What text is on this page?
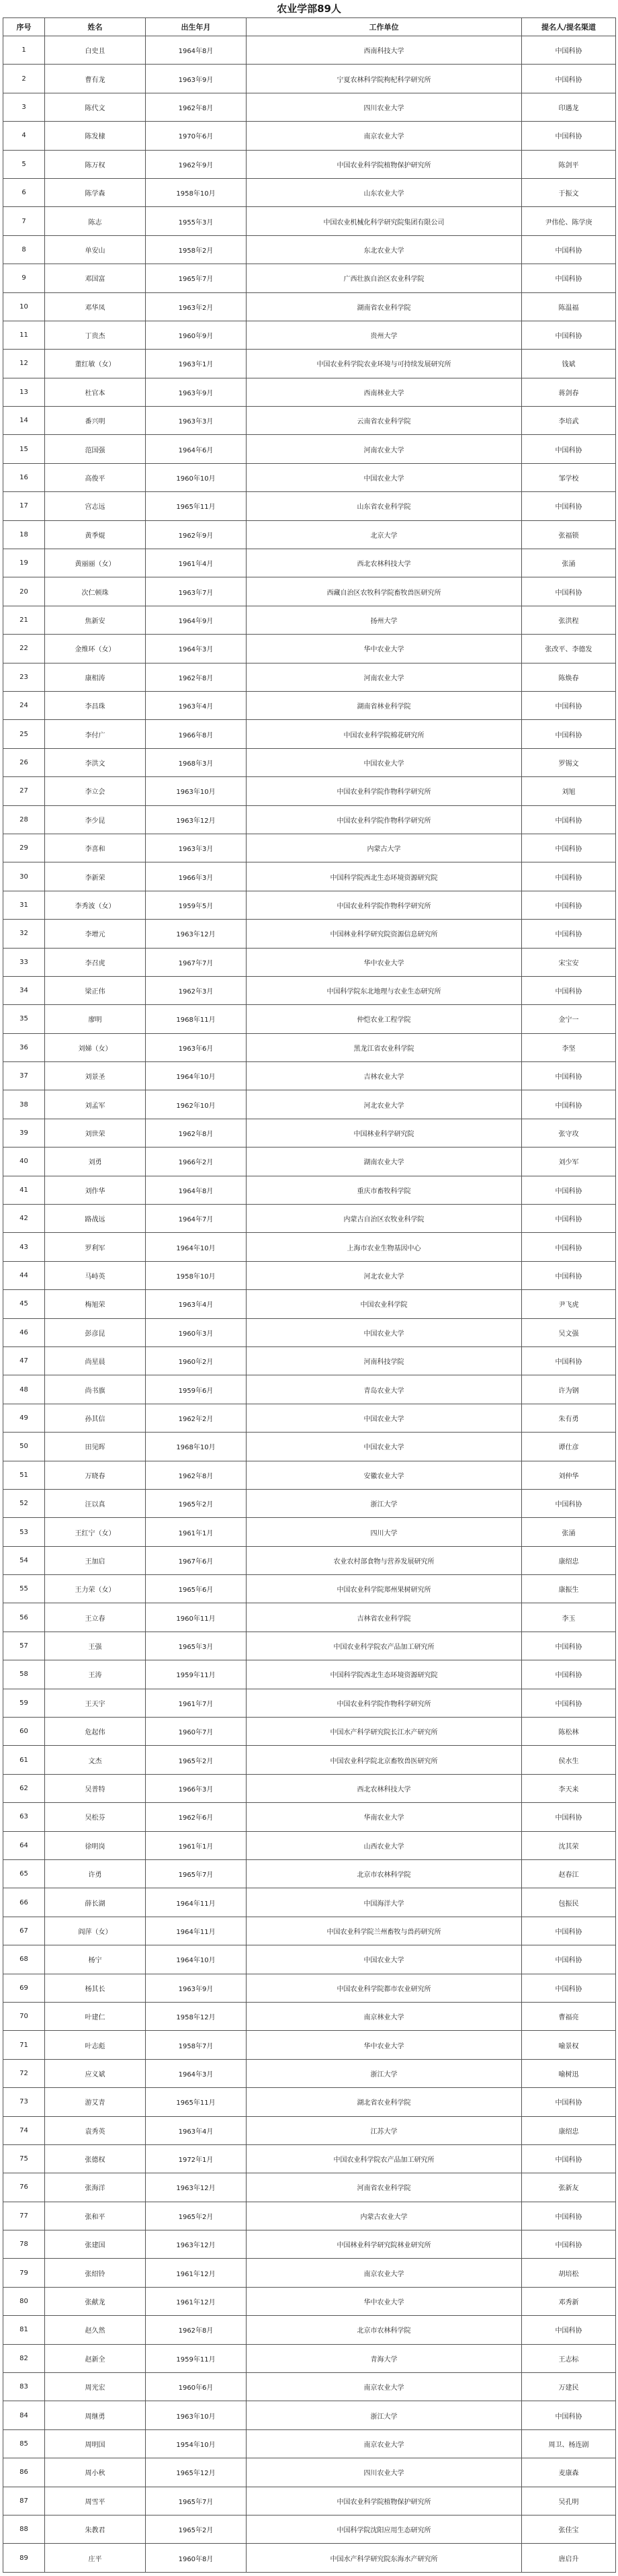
农业学部89人
序号	姓名	出生年月	工作单位	提名人/提名渠道
1	白史且	1964年8月	西南科技大学	中国科协
2	曹有龙	1963年9月	宁夏农林科学院枸杞科学研究所	中国科协
3	陈代文	1962年8月	四川农业大学	印遇龙
4	陈发棣	1970年6月	南京农业大学	中国科协
5	陈万权	1962年9月	中国农业科学院植物保护研究所	陈剑平
6	陈学森	1958年10月	山东农业大学	于振文
7	陈志	1955年3月	中国农业机械化科学研究院集团有限公司	尹伟伦、陈学庚
8	单安山	1958年2月	东北农业大学	中国科协
9	邓国富	1965年7月	广西壮族自治区农业科学院	中国科协
10	邓华凤	1963年2月	湖南省农业科学院	陈温福
11	丁贵杰	1960年9月	贵州大学	中国科协
12	董红敏（女）	1963年1月	中国农业科学院农业环境与可持续发展研究所	钱斌
13	杜官本	1963年9月	西南林业大学	蒋剑春
14	番兴明	1963年3月	云南省农业科学院	李培武
15	范国强	1964年6月	河南农业大学	中国科协
16	高俊平	1960年10月	中国农业大学	邹学校
17	宫志远	1965年11月	山东省农业科学院	中国科协
18	黄季焜	1962年9月	北京大学	张福锁
19	黄丽丽（女）	1961年4月	西北农林科技大学	张涌
20	次仁顿珠	1963年7月	西藏自治区农牧科学院畜牧兽医研究所	中国科协
21	焦新安	1964年9月	扬州大学	张洪程
22	金维环（女）	1964年3月	华中农业大学	张改平、李德发
23	康相涛	1962年8月	河南农业大学	陈焕春
24	李昌珠	1963年4月	湖南省林业科学院	中国科协
25	李付广	1966年8月	中国农业科学院棉花研究所	中国科协
26	李洪文	1968年3月	中国农业大学	罗锡文
27	李立会	1963年10月	中国农业科学院作物科学研究所	刘旭
28	李少昆	1963年12月	中国农业科学院作物科学研究所	中国科协
29	李喜和	1963年3月	内蒙古大学	中国科协
30	李新荣	1966年3月	中国科学院西北生态环境资源研究院	中国科协
31	李秀波（女）	1959年5月	中国农业科学院作物科学研究所	中国科协
32	李增元	1963年12月	中国林业科学研究院资源信息研究所	中国科协
33	李召虎	1967年7月	华中农业大学	宋宝安
34	梁正伟	1962年3月	中国科学院东北地理与农业生态研究所	中国科协
35	廖明	1968年11月	仲恺农业工程学院	金宁一
36	刘娣（女）	1963年6月	黑龙江省农业科学院	李坚
37	刘景圣	1964年10月	吉林农业大学	中国科协
38	刘孟军	1962年10月	河北农业大学	中国科协
39	刘世荣	1962年8月	中国林业科学研究院	张守攻
40	刘勇	1966年2月	湖南农业大学	刘少军
41	刘作华	1964年8月	重庆市畜牧科学院	中国科协
42	路战远	1964年7月	内蒙古自治区农牧业科学院	中国科协
43	罗利军	1964年10月	上海市农业生物基因中心	中国科协
44	马峙英	1958年10月	河北农业大学	中国科协
45	梅旭荣	1963年4月	中国农业科学院	尹飞虎
46	彭彦昆	1960年3月	中国农业大学	吴文强
47	尚星晨	1960年2月	河南科技学院	中国科协
48	尚书旗	1959年6月	青岛农业大学	许为钢
49	孙其信	1962年2月	中国农业大学	朱有勇
50	田见晖	1968年10月	中国农业大学	谭仕彦
51	万晓春	1962年8月	安徽农业大学	刘仲华
52	汪以真	1965年2月	浙江大学	中国科协
53	王红宁（女）	1961年1月	四川大学	张涌
54	王加启	1967年6月	农业农村部食物与营养发展研究所	康绍忠
55	王力荣（女）	1965年6月	中国农业科学院郑州果树研究所	康振生
56	王立春	1960年11月	吉林省农业科学院	李玉
57	王强	1965年3月	中国农业科学院农产品加工研究所	中国科协
58	王涛	1959年11月	中国科学院西北生态环境资源研究院	中国科协
59	王天宇	1961年7月	中国农业科学院作物科学研究所	中国科协
60	危起伟	1960年7月	中国水产科学研究院长江水产研究所	陈松林
61	文杰	1965年2月	中国农业科学院北京畜牧兽医研究所	侯水生
62	吴普特	1966年3月	西北农林科技大学	李天来
63	吴松芬	1962年6月	华南农业大学	中国科协
64	徐明岗	1961年1月	山西农业大学	沈其荣
65	许勇	1965年7月	北京市农林科学院	赵春江
66	薛长湖	1964年11月	中国海洋大学	包振民
67	阎萍（女）	1964年11月	中国农业科学院兰州畜牧与兽药研究所	中国科协
68	杨宁	1964年10月	中国农业大学	中国科协
69	杨其长	1963年9月	中国农业科学院都市农业研究所	中国科协
70	叶建仁	1958年12月	南京林业大学	曹福亮
71	叶志彪	1958年7月	华中农业大学	喻景权
72	应义斌	1964年3月	浙江大学	喻树迅
73	游艾青	1965年11月	湖北省农业科学院	中国科协
74	袁秀英	1963年4月	江苏大学	康绍忠
75	张德权	1972年1月	中国农业科学院农产品加工研究所	中国科协
76	张海洋	1963年12月	河南省农业科学院	张新友
77	张和平	1965年2月	内蒙古农业大学	中国科协
78	张建国	1963年12月	中国林业科学研究院林业研究所	中国科协
79	张绍铃	1961年12月	南京农业大学	胡培松
80	张献龙	1961年12月	华中农业大学	邓秀新
81	赵久然	1962年8月	北京市农林科学院	中国科协
82	赵新全	1959年11月	青海大学	王志标
83	周光宏	1960年6月	南京农业大学	万建民
84	周继勇	1963年10月	浙江大学	中国科协
85	周明国	1954年10月	南京农业大学	周卫、杨连剧
86	周小秋	1965年12月	四川农业大学	麦康森
87	周雪平	1965年7月	中国农业科学院植物保护研究所	吴孔明
88	朱教君	1965年2月	中国科学院沈阳应用生态研究所	张佳宝
89	庄平	1960年8月	中国水产科学研究院东海水产研究所	唐启升
